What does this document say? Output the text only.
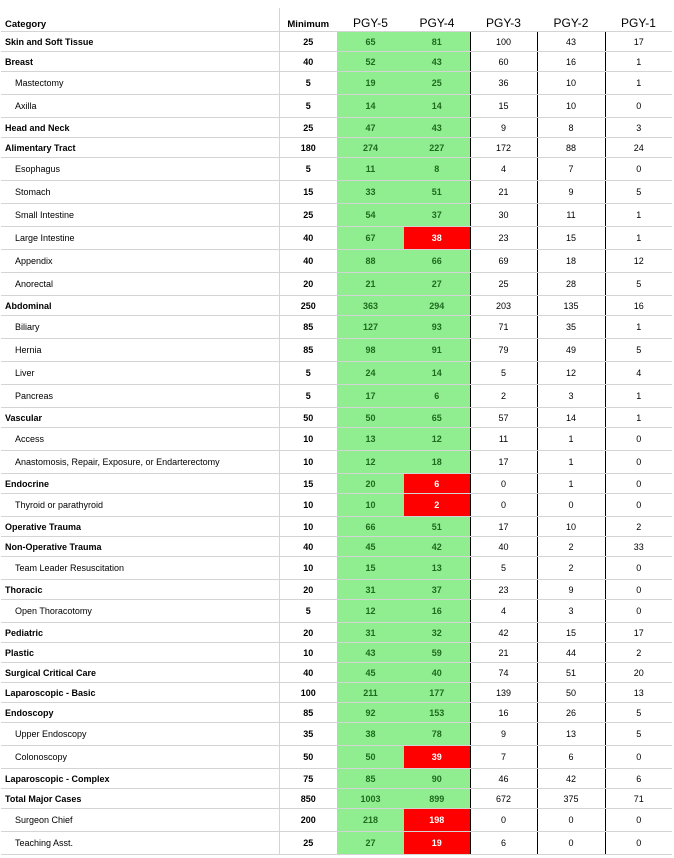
Category	Minimum	PGY-5	PGY-4	PGY-3	PGY-2	PGY-1
Skin and Soft Tissue	25	65	81	100	43	17
Breast	40	52	43	60	16	1
Mastectomy	5	19	25	36	10	1
Axilla	5	14	14	15	10	0
Head and Neck	25	47	43	9	8	3
Alimentary Tract	180	274	227	172	88	24
Esophagus	5	11	8	4	7	0
Stomach	15	33	51	21	9	5
Small Intestine	25	54	37	30	11	1
Large Intestine	40	67	38	23	15	1
Appendix	40	88	66	69	18	12
Anorectal	20	21	27	25	28	5
Abdominal	250	363	294	203	135	16
Biliary	85	127	93	71	35	1
Hernia	85	98	91	79	49	5
Liver	5	24	14	5	12	4
Pancreas	5	17	6	2	3	1
Vascular	50	50	65	57	14	1
Access	10	13	12	11	1	0
Anastomosis, Repair, Exposure, or Endarterectomy	10	12	18	17	1	0
Endocrine	15	20	6	0	1	0
Thyroid or parathyroid	10	10	2	0	0	0
Operative Trauma	10	66	51	17	10	2
Non-Operative Trauma	40	45	42	40	2	33
Team Leader Resuscitation	10	15	13	5	2	0
Thoracic	20	31	37	23	9	0
Open Thoracotomy	5	12	16	4	3	0
Pediatric	20	31	32	42	15	17
Plastic	10	43	59	21	44	2
Surgical Critical Care	40	45	40	74	51	20
Laparoscopic - Basic	100	211	177	139	50	13
Endoscopy	85	92	153	16	26	5
Upper Endoscopy	35	38	78	9	13	5
Colonoscopy	50	50	39	7	6	0
Laparoscopic - Complex	75	85	90	46	42	6
Total Major Cases	850	1003	899	672	375	71
Surgeon Chief	200	218	198	0	0	0
Teaching Asst.	25	27	19	6	0	0
